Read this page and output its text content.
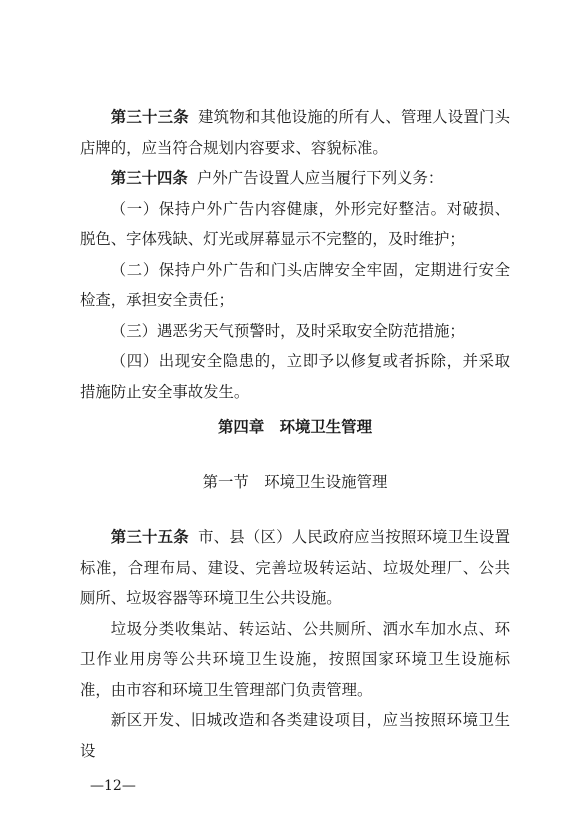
第三十三条 建筑物和其他设施的所有人、管理人设置门头店牌的，应当符合规划内容要求、容貌标准。

第三十四条 户外广告设置人应当履行下列义务：

（一）保持户外广告内容健康，外形完好整洁。对破损、脱色、字体残缺、灯光或屏幕显示不完整的，及时维护；

（二）保持户外广告和门头店牌安全牢固，定期进行安全检查，承担安全责任；

（三）遇恶劣天气预警时，及时采取安全防范措施；

（四）出现安全隐患的，立即予以修复或者拆除，并采取措施防止安全事故发生。

第四章 环境卫生管理

第一节 环境卫生设施管理

第三十五条 市、县（区）人民政府应当按照环境卫生设置标准，合理布局、建设、完善垃圾转运站、垃圾处理厂、公共厕所、垃圾容器等环境卫生公共设施。

垃圾分类收集站、转运站、公共厕所、洒水车加水点、环卫作业用房等公共环境卫生设施，按照国家环境卫生设施标准，由市容和环境卫生管理部门负责管理。

新区开发、旧城改造和各类建设项目，应当按照环境卫生设

—12—
